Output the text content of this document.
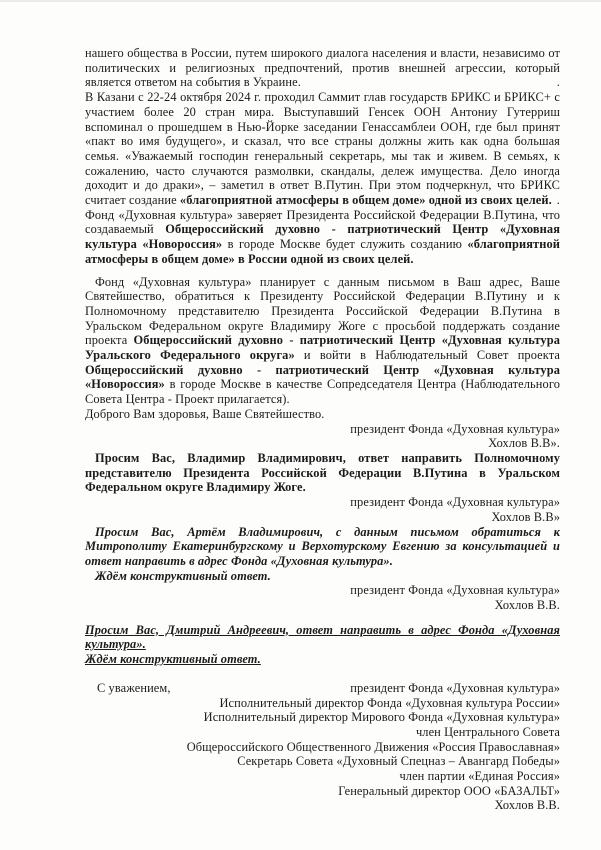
нашего общества в России, путем широкого диалога населения и власти, независимо от политических и религиозных предпочтений, против внешней агрессии, который является ответом на события в Украине.	.

В Казани с 22-24 октября 2024 г. проходил Саммит глав государств БРИКС и БРИКС+ с участием более 20 стран мира. Выступавший Генсек ООН Антониу Гутерриш вспоминал о прошедшем в Нью-Йорке заседании Генассамблеи ООН, где был принят «пакт во имя будущего», и сказал, что все страны должны жить как одна большая семья. «Уважаемый господин генеральный секретарь, мы так и живем. В семьях, к сожалению, часто случаются размолвки, скандалы, дележ имущества. Дело иногда доходит и до драки», – заметил в ответ В.Путин. При этом подчеркнул, что БРИКС считает создание «благоприятной атмосферы в общем доме» одной из своих целей. .

Фонд «Духовная культура» заверяет Президента Российской Федерации В.Путина, что создаваемый Общероссийский духовно - патриотический Центр «Духовная культура «Новороссия» в городе Москве будет служить созданию «благоприятной атмосферы в общем доме» в России одной из своих целей.

Фонд «Духовная культура» планирует с данным письмом в Ваш адрес, Ваше Святейшество, обратиться к Президенту Российской Федерации В.Путину и к Полномочному представителю Президента Российской Федерации В.Путина в Уральском Федеральном округе Владимиру Жоге с просьбой поддержать создание проекта Общероссийский духовно - патриотический Центр «Духовная культура Уральского Федерального округа» и войти в Наблюдательный Совет проекта Общероссийский духовно - патриотический Центр «Духовная культура «Новороссия» в городе Москве в качестве Сопредседателя Центра (Наблюдательного Совета Центра - Проект прилагается).

Доброго Вам здоровья, Ваше Святейшество.

президент Фонда «Духовная культура»
Хохлов В.В».

Просим Вас, Владимир Владимирович, ответ направить Полномочному представителю Президента Российской Федерации В.Путина в Уральском Федеральном округе Владимиру Жоге.

президент Фонда «Духовная культура»
Хохлов В.В»

Просим Вас, Артём Владимирович, с данным письмом обратиться к Митрополиту Екатеринбургскому и Верхотурскому Евгению за консультацией и ответ направить в адрес Фонда «Духовная культура».

Ждём конструктивный ответ.

президент Фонда «Духовная культура»
Хохлов В.В.

Просим Вас, Дмитрий Андреевич, ответ направить в адрес Фонда «Духовная культура».

Ждём конструктивный ответ.

С уважением,	президент Фонда «Духовная культура»
Исполнительный директор Фонда «Духовная культура России»
Исполнительный директор Мирового Фонда «Духовная культура»
член Центрального Совета
Общероссийского Общественного Движения «Россия Православная»
Секретарь Совета «Духовный Спецназ – Авангард Победы»
член партии «Единая Россия»
Генеральный директор ООО «БАЗАЛЬТ»
Хохлов В.В.
